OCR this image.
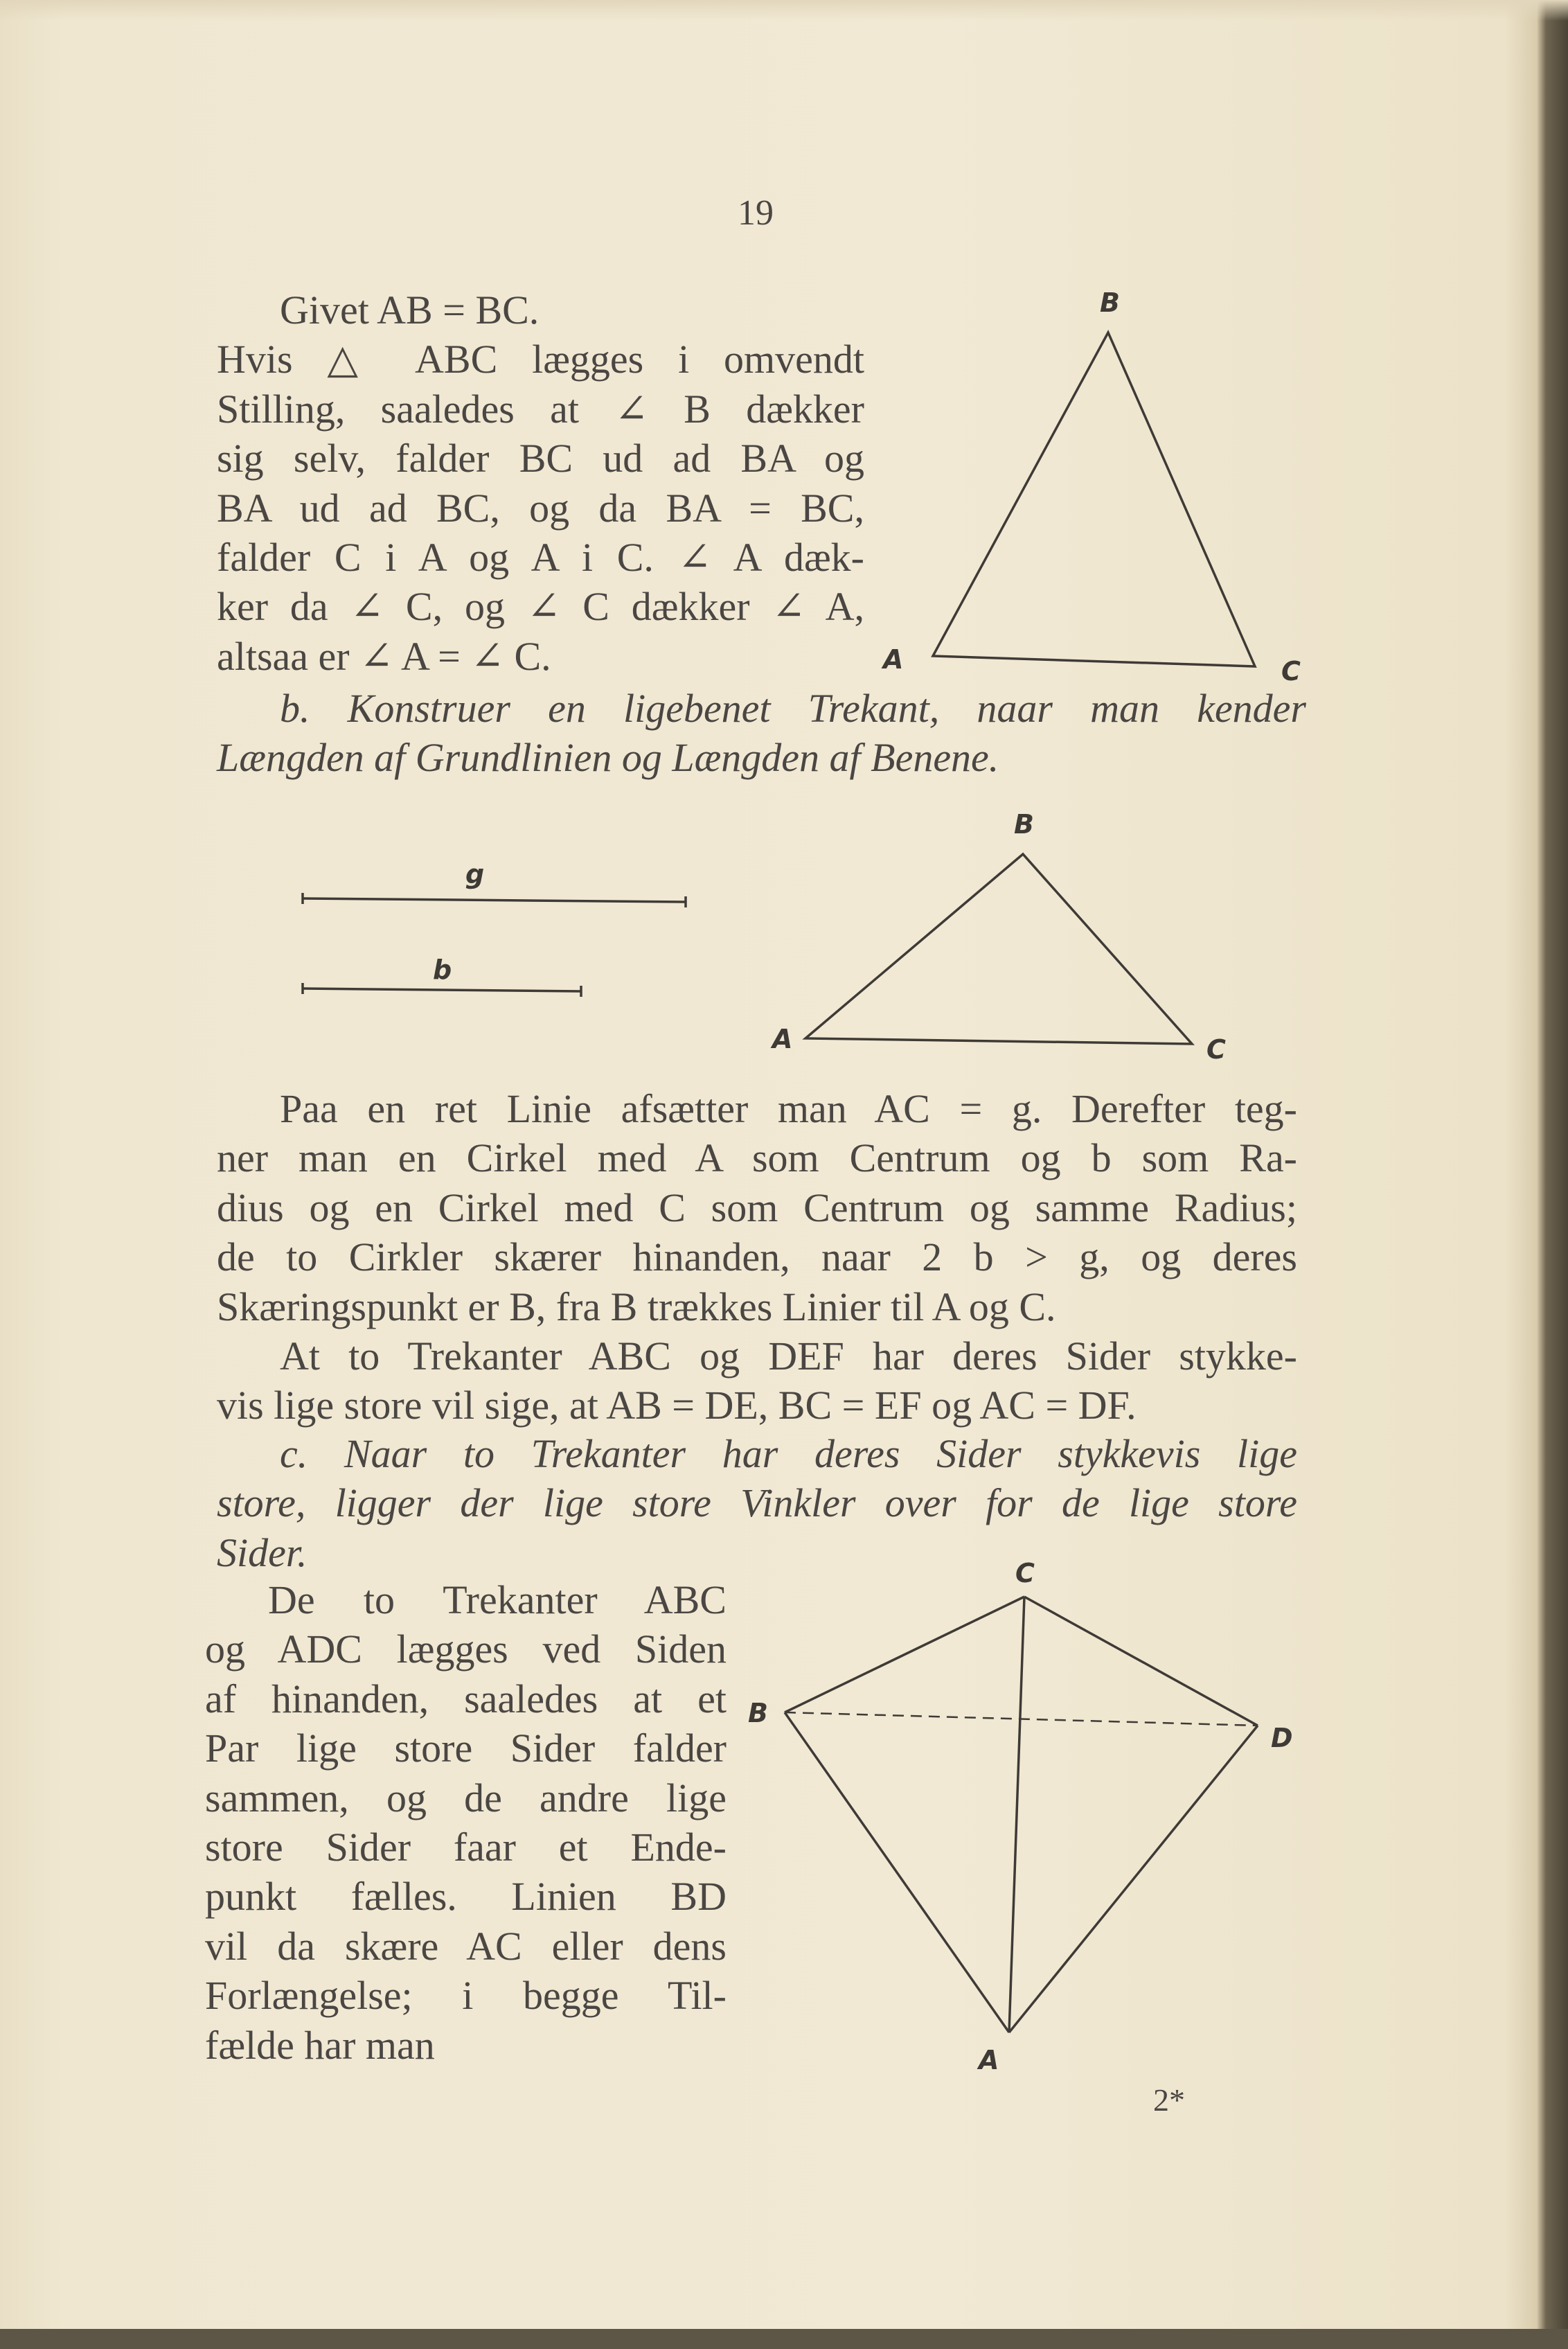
19
Givet AB = BC.
Hvis △ ABC lægges i omvendt
Stilling, saaledes at ∠ B dækker
sig selv, falder BC ud ad BA og
BA ud ad BC, og da BA = BC,
falder C i A og A i C. ∠ A dæk-
ker da ∠ C, og ∠ C dækker ∠ A,
altsaa er ∠ A = ∠ C.
b. Konstruer en ligebenet Trekant, naar man kender
Længden af Grundlinien og Længden af Benene.
Paa en ret Linie afsætter man AC = g. Derefter teg-
ner man en Cirkel med A som Centrum og b som Ra-
dius og en Cirkel med C som Centrum og samme Radius;
de to Cirkler skærer hinanden, naar 2 b > g, og deres
Skæringspunkt er B, fra B trækkes Linier til A og C.
At to Trekanter ABC og DEF har deres Sider stykke-
vis lige store vil sige, at AB = DE, BC = EF og AC = DF.
c. Naar to Trekanter har deres Sider stykkevis lige
store, ligger der lige store Vinkler over for de lige store
Sider.
De to Trekanter ABC
og ADC lægges ved Siden
af hinanden, saaledes at et
Par lige store Sider falder
sammen, og de andre lige
store Sider faar et Ende-
punkt fælles. Linien BD
vil da skære AC eller dens
Forlængelse; i begge Til-
fælde har man
B
A	C
g
b
B
A	C
C
B
D
A
2*
